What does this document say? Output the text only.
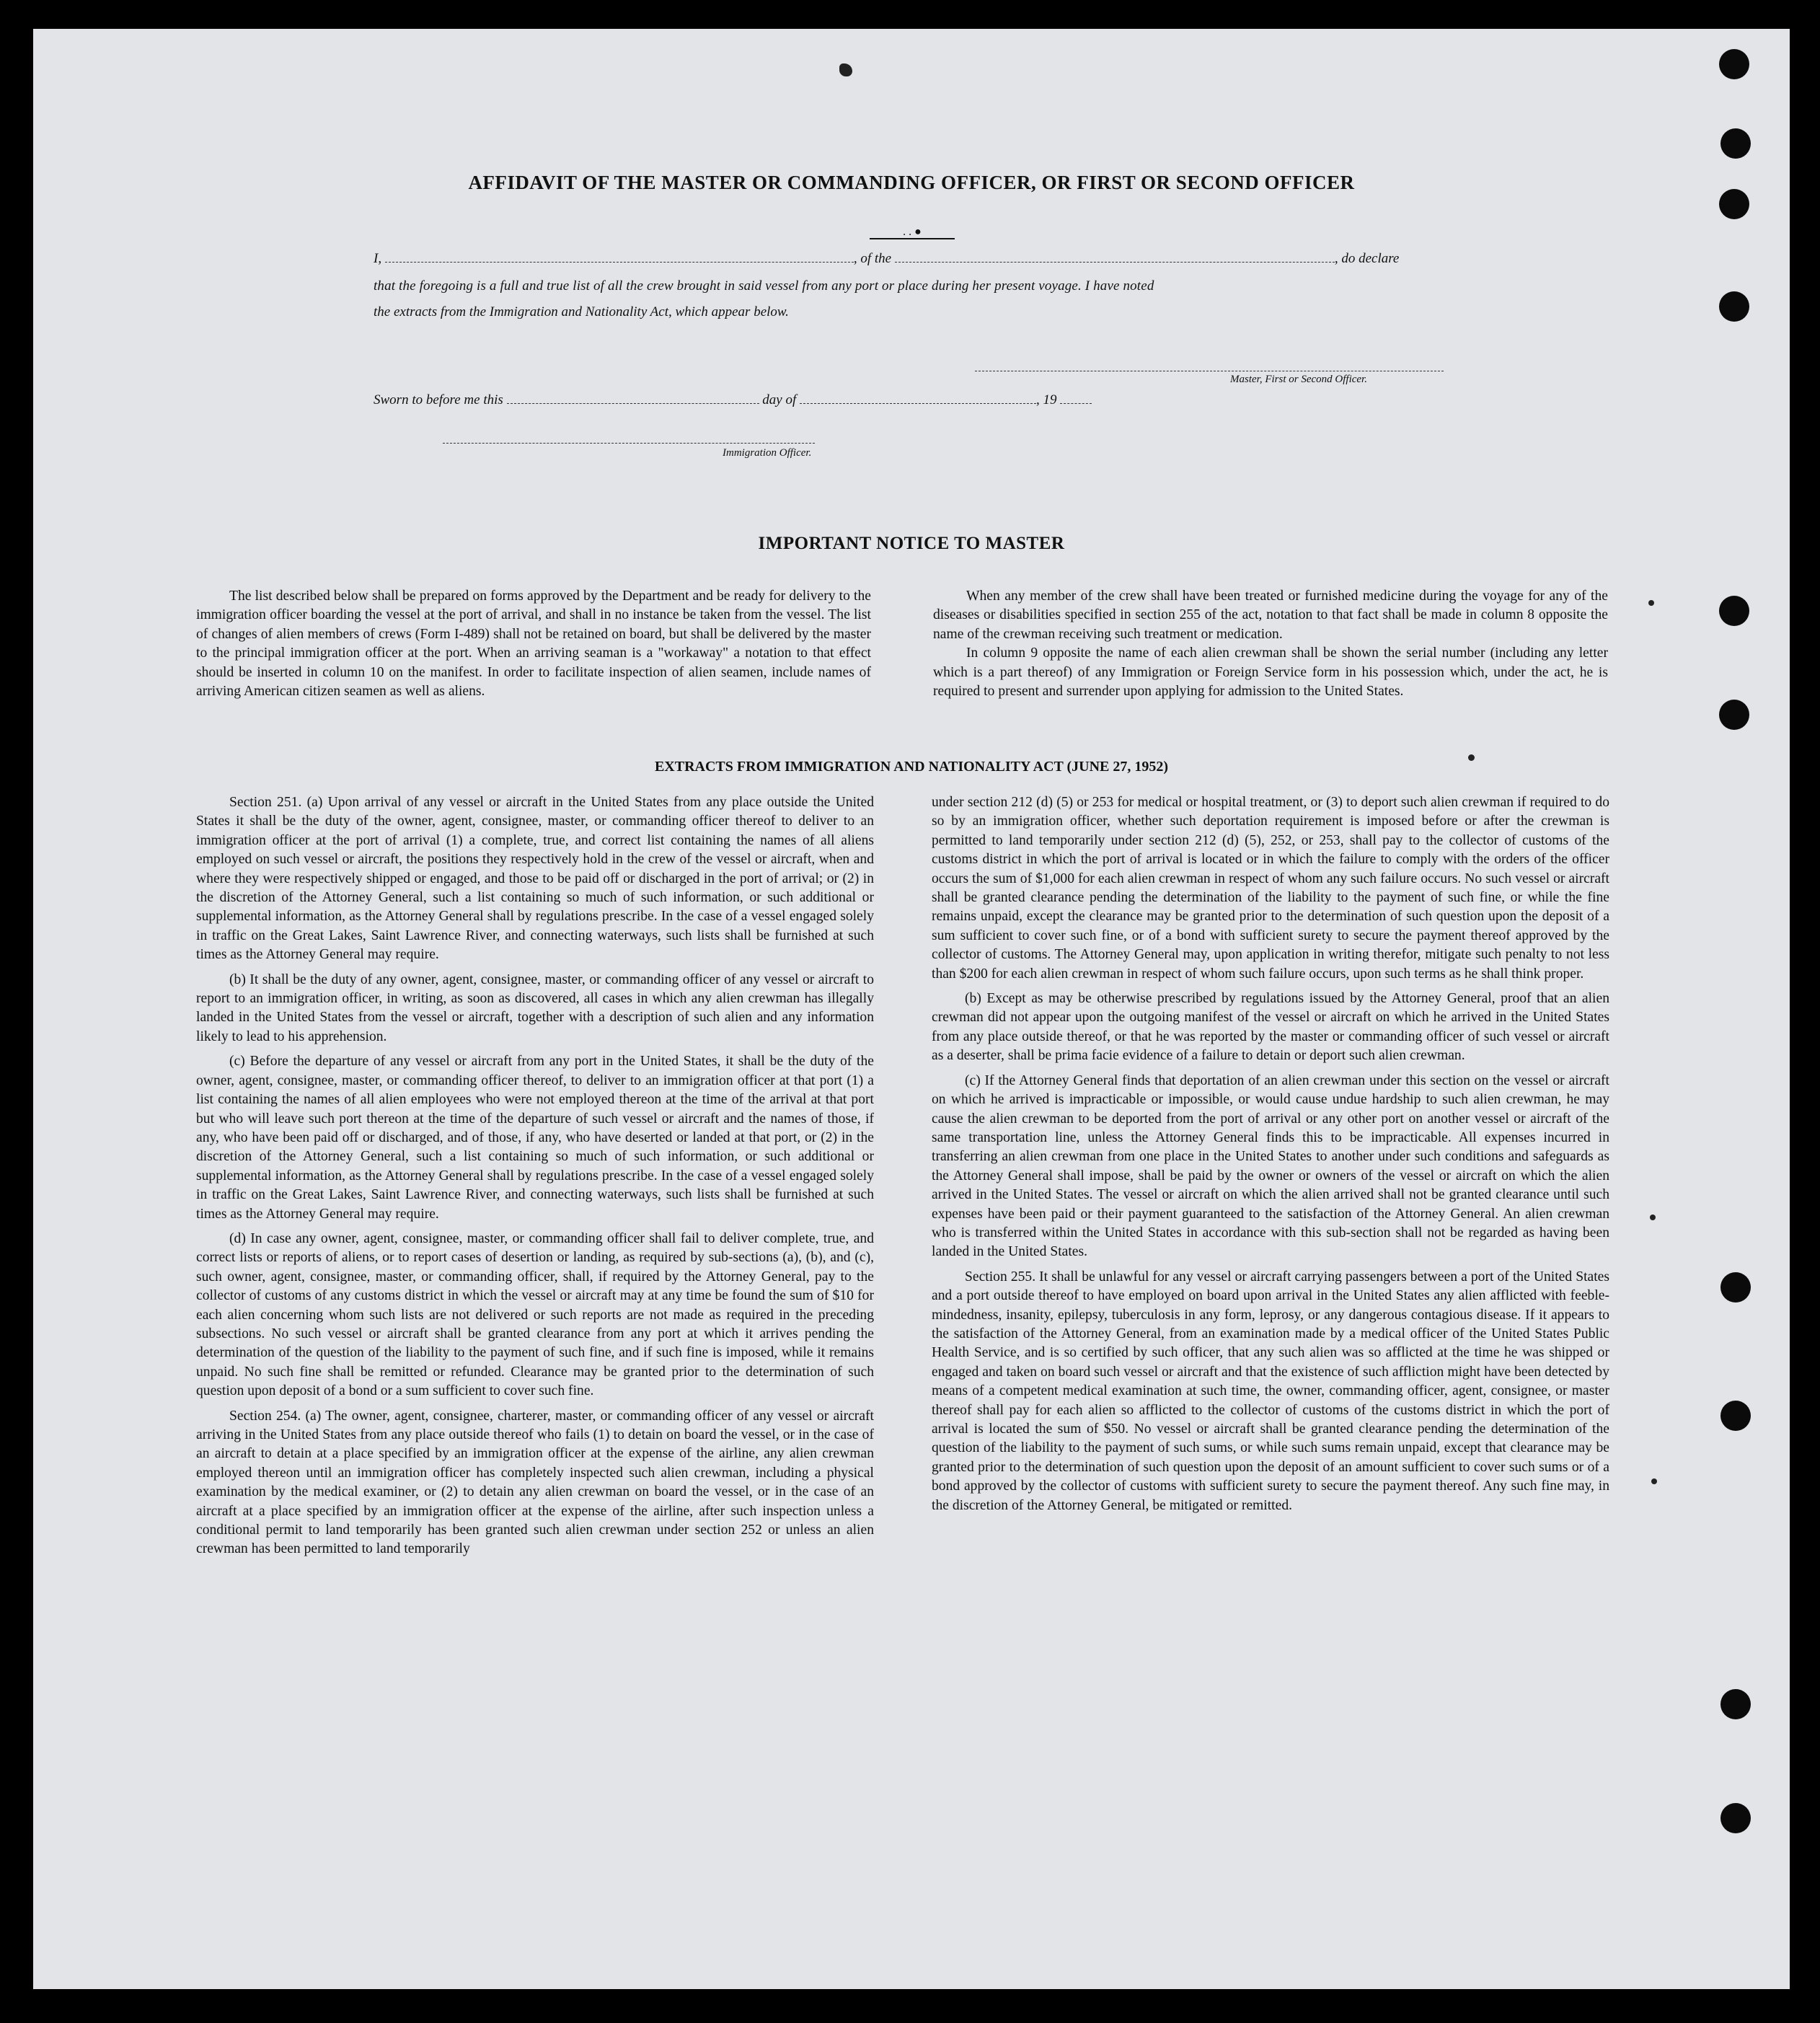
AFFIDAVIT OF THE MASTER OR COMMANDING OFFICER, OR FIRST OR SECOND OFFICER
. . ●
I,	, of the	, do declare
that the foregoing is a full and true list of all the crew brought in said vessel from any port or place during her present voyage. I have noted
the extracts from the Immigration and Nationality Act, which appear below.
Master, First or Second Officer.
Sworn to before me this	day of	, 19
Immigration Officer.
IMPORTANT NOTICE TO MASTER

The list described below shall be prepared on forms approved by the Department and be ready for delivery to the immigration officer boarding the vessel at the port of arrival, and shall in no instance be taken from the vessel. The list of changes of alien members of crews (Form I-489) shall not be retained on board, but shall be delivered by the master to the principal immigration officer at the port. When an arriving seaman is a "workaway" a notation to that effect should be inserted in column 10 on the manifest. In order to facilitate inspection of alien seamen, include names of arriving American citizen seamen as well as aliens.

When any member of the crew shall have been treated or furnished medicine during the voyage for any of the diseases or disabilities specified in section 255 of the act, notation to that fact shall be made in column 8 opposite the name of the crewman receiving such treatment or medication.

In column 9 opposite the name of each alien crewman shall be shown the serial number (including any letter which is a part thereof) of any Immigration or Foreign Service form in his possession which, under the act, he is required to present and surrender upon applying for admission to the United States.

EXTRACTS FROM IMMIGRATION AND NATIONALITY ACT (JUNE 27, 1952)

Section 251. (a) Upon arrival of any vessel or aircraft in the United States from any place outside the United States it shall be the duty of the owner, agent, consignee, master, or commanding officer thereof to deliver to an immigration officer at the port of arrival (1) a complete, true, and correct list containing the names of all aliens employed on such vessel or aircraft, the positions they respectively hold in the crew of the vessel or aircraft, when and where they were respectively shipped or engaged, and those to be paid off or discharged in the port of arrival; or (2) in the discretion of the Attorney General, such a list containing so much of such information, or such additional or supplemental information, as the Attorney General shall by regulations prescribe. In the case of a vessel engaged solely in traffic on the Great Lakes, Saint Lawrence River, and connecting waterways, such lists shall be furnished at such times as the Attorney General may require.

(b) It shall be the duty of any owner, agent, consignee, master, or commanding officer of any vessel or aircraft to report to an immigration officer, in writing, as soon as discovered, all cases in which any alien crewman has illegally landed in the United States from the vessel or aircraft, together with a description of such alien and any information likely to lead to his apprehension.

(c) Before the departure of any vessel or aircraft from any port in the United States, it shall be the duty of the owner, agent, consignee, master, or commanding officer thereof, to deliver to an immigration officer at that port (1) a list containing the names of all alien employees who were not employed thereon at the time of the arrival at that port but who will leave such port thereon at the time of the departure of such vessel or aircraft and the names of those, if any, who have been paid off or discharged, and of those, if any, who have deserted or landed at that port, or (2) in the discretion of the Attorney General, such a list containing so much of such information, or such additional or supplemental information, as the Attorney General shall by regulations prescribe. In the case of a vessel engaged solely in traffic on the Great Lakes, Saint Lawrence River, and connecting waterways, such lists shall be furnished at such times as the Attorney General may require.

(d) In case any owner, agent, consignee, master, or commanding officer shall fail to deliver complete, true, and correct lists or reports of aliens, or to report cases of desertion or landing, as required by sub-sections (a), (b), and (c), such owner, agent, consignee, master, or commanding officer, shall, if required by the Attorney General, pay to the collector of customs of any customs district in which the vessel or aircraft may at any time be found the sum of $10 for each alien concerning whom such lists are not delivered or such reports are not made as required in the preceding subsections. No such vessel or aircraft shall be granted clearance from any port at which it arrives pending the determination of the question of the liability to the payment of such fine, and if such fine is imposed, while it remains unpaid. No such fine shall be remitted or refunded. Clearance may be granted prior to the determination of such question upon deposit of a bond or a sum sufficient to cover such fine.

Section 254. (a) The owner, agent, consignee, charterer, master, or commanding officer of any vessel or aircraft arriving in the United States from any place outside thereof who fails (1) to detain on board the vessel, or in the case of an aircraft to detain at a place specified by an immigration officer at the expense of the airline, any alien crewman employed thereon until an immigration officer has completely inspected such alien crewman, including a physical examination by the medical examiner, or (2) to detain any alien crewman on board the vessel, or in the case of an aircraft at a place specified by an immigration officer at the expense of the airline, after such inspection unless a conditional permit to land temporarily has been granted such alien crewman under section 252 or unless an alien crewman has been permitted to land temporarily

under section 212 (d) (5) or 253 for medical or hospital treatment, or (3) to deport such alien crewman if required to do so by an immigration officer, whether such deportation requirement is imposed before or after the crewman is permitted to land temporarily under section 212 (d) (5), 252, or 253, shall pay to the collector of customs of the customs district in which the port of arrival is located or in which the failure to comply with the orders of the officer occurs the sum of $1,000 for each alien crewman in respect of whom any such failure occurs. No such vessel or aircraft shall be granted clearance pending the determination of the liability to the payment of such fine, or while the fine remains unpaid, except the clearance may be granted prior to the determination of such question upon the deposit of a sum sufficient to cover such fine, or of a bond with sufficient surety to secure the payment thereof approved by the collector of customs. The Attorney General may, upon application in writing therefor, mitigate such penalty to not less than $200 for each alien crewman in respect of whom such failure occurs, upon such terms as he shall think proper.

(b) Except as may be otherwise prescribed by regulations issued by the Attorney General, proof that an alien crewman did not appear upon the outgoing manifest of the vessel or aircraft on which he arrived in the United States from any place outside thereof, or that he was reported by the master or commanding officer of such vessel or aircraft as a deserter, shall be prima facie evidence of a failure to detain or deport such alien crewman.

(c) If the Attorney General finds that deportation of an alien crewman under this section on the vessel or aircraft on which he arrived is impracticable or impossible, or would cause undue hardship to such alien crewman, he may cause the alien crewman to be deported from the port of arrival or any other port on another vessel or aircraft of the same transportation line, unless the Attorney General finds this to be impracticable. All expenses incurred in transferring an alien crewman from one place in the United States to another under such conditions and safeguards as the Attorney General shall impose, shall be paid by the owner or owners of the vessel or aircraft on which the alien arrived in the United States. The vessel or aircraft on which the alien arrived shall not be granted clearance until such expenses have been paid or their payment guaranteed to the satisfaction of the Attorney General. An alien crewman who is transferred within the United States in accordance with this sub-section shall not be regarded as having been landed in the United States.

Section 255. It shall be unlawful for any vessel or aircraft carrying passengers between a port of the United States and a port outside thereof to have employed on board upon arrival in the United States any alien afflicted with feeble-mindedness, insanity, epilepsy, tuberculosis in any form, leprosy, or any dangerous contagious disease. If it appears to the satisfaction of the Attorney General, from an examination made by a medical officer of the United States Public Health Service, and is so certified by such officer, that any such alien was so afflicted at the time he was shipped or engaged and taken on board such vessel or aircraft and that the existence of such affliction might have been detected by means of a competent medical examination at such time, the owner, commanding officer, agent, consignee, or master thereof shall pay for each alien so afflicted to the collector of customs of the customs district in which the port of arrival is located the sum of $50. No vessel or aircraft shall be granted clearance pending the determination of the question of the liability to the payment of such sums, or while such sums remain unpaid, except that clearance may be granted prior to the determination of such question upon the deposit of an amount sufficient to cover such sums or of a bond approved by the collector of customs with sufficient surety to secure the payment thereof. Any such fine may, in the discretion of the Attorney General, be mitigated or remitted.
